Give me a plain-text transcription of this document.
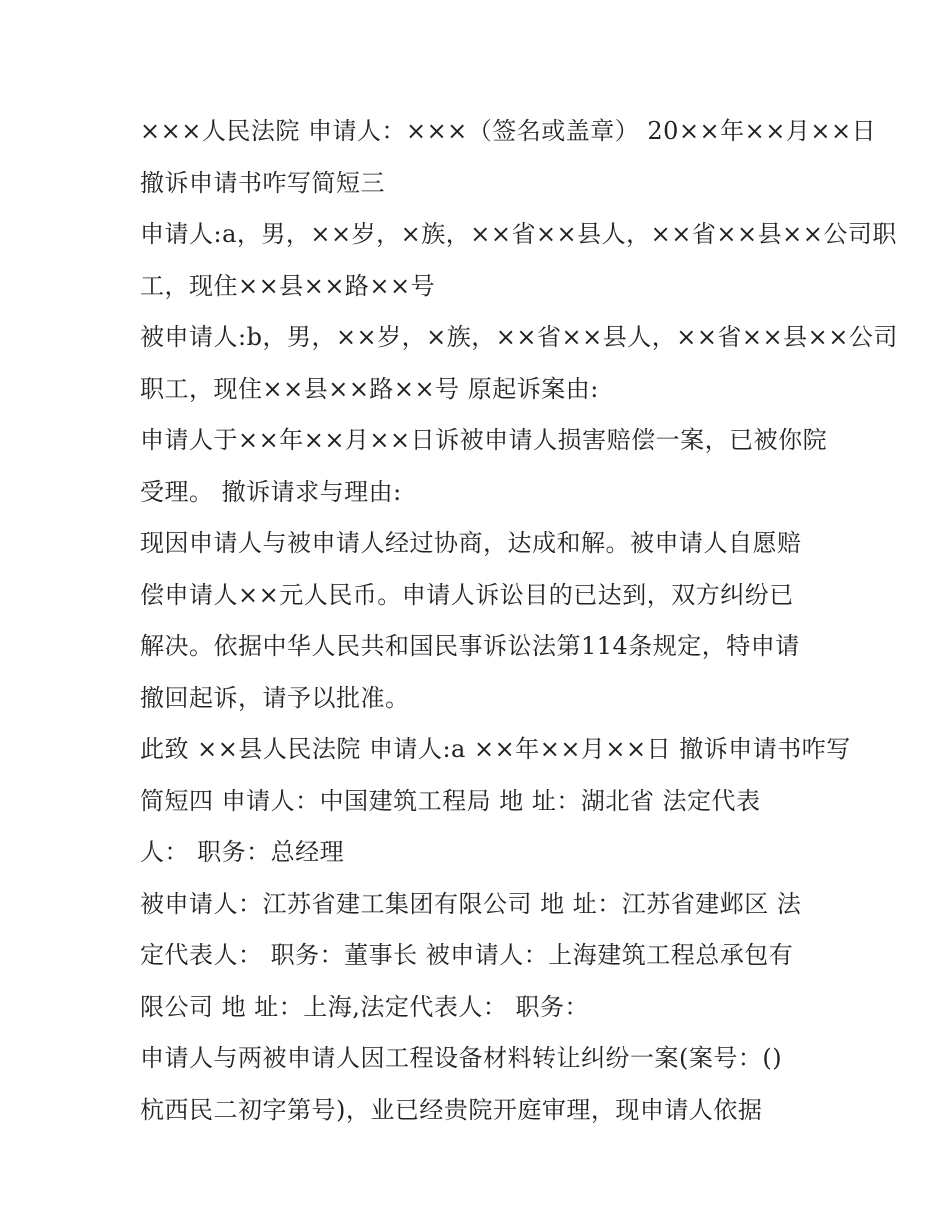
×××人民法院 申请人：×××（签名或盖章） 20××年××月××日
撤诉申请书咋写简短三
申请人:a，男，××岁，×族，××省××县人，××省××县××公司职
工，现住××县××路××号
被申请人:b，男，××岁，×族，××省××县人，××省××县××公司
职工，现住××县××路××号 原起诉案由:
申请人于××年××月××日诉被申请人损害赔偿一案，已被你院
受理。 撤诉请求与理由:
现因申请人与被申请人经过协商，达成和解。被申请人自愿赔
偿申请人××元人民币。申请人诉讼目的已达到，双方纠纷已
解决。依据中华人民共和国民事诉讼法第114条规定，特申请
撤回起诉，请予以批准。
此致 ××县人民法院 申请人:a ××年××月××日 撤诉申请书咋写
简短四 申请人：中国建筑工程局 地 址：湖北省 法定代表
人： 职务：总经理
被申请人：江苏省建工集团有限公司 地 址：江苏省建邺区 法
定代表人： 职务：董事长 被申请人：上海建筑工程总承包有
限公司 地 址：上海,法定代表人： 职务：
申请人与两被申请人因工程设备材料转让纠纷一案(案号：()
杭西民二初字第号)，业已经贵院开庭审理，现申请人依据
